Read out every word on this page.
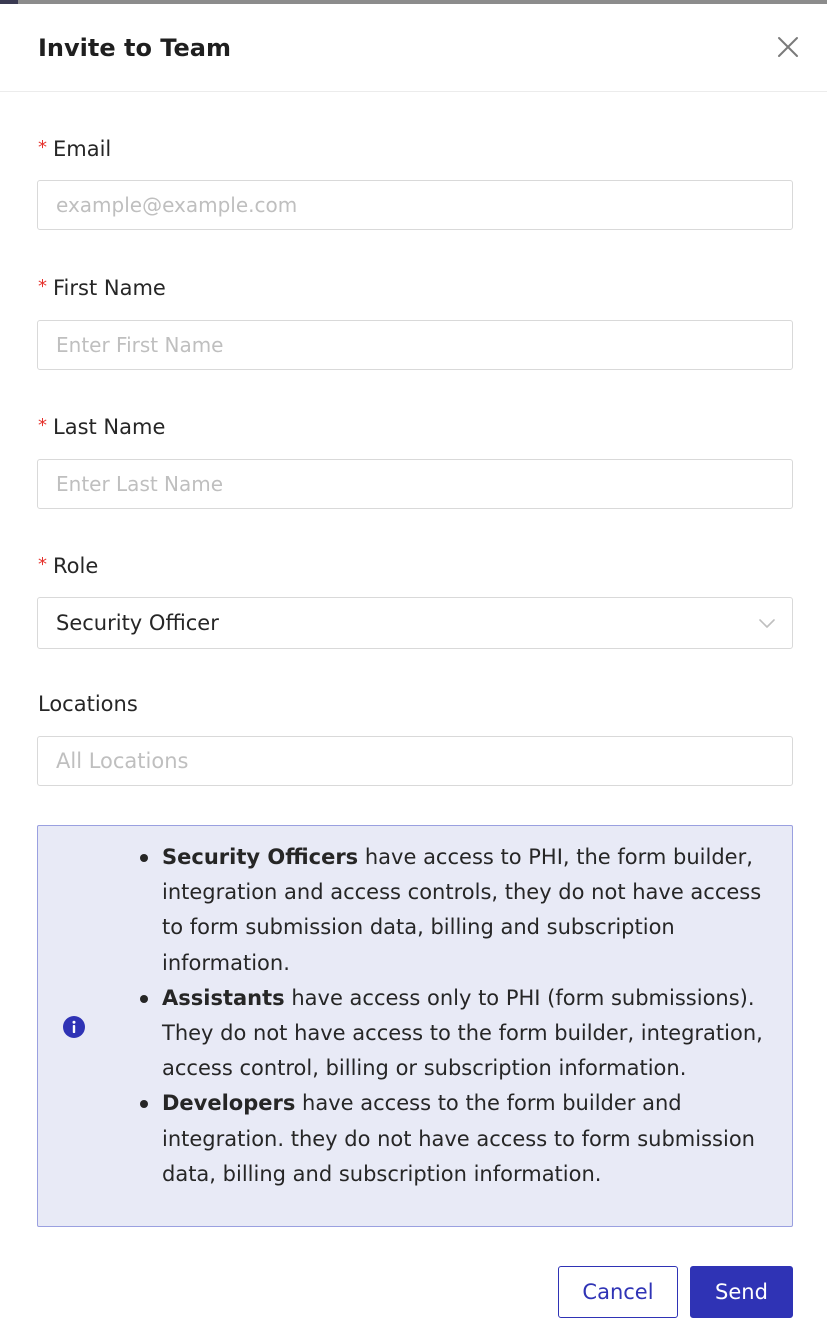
Invite to Team
* Email
example@example.com
* First Name
Enter First Name
* Last Name
Enter Last Name
* Role
Security Officer
Locations
All Locations
Security Officers have access to PHI, the form builder, integration and access controls, they do not have access to form submission data, billing and subscription information.
Assistants have access only to PHI (form submissions). They do not have access to the form builder, integration, access control, billing or subscription information.
Developers have access to the form builder and integration. they do not have access to form submission data, billing and subscription information.
Cancel	Send
